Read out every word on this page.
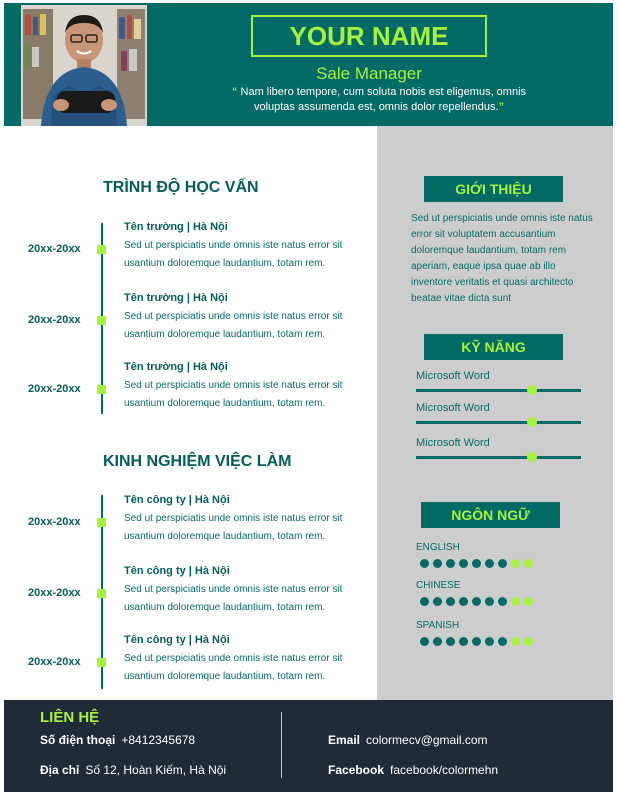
YOUR NAME
Sale Manager
“ Nam libero tempore, cum soluta nobis est eligemus, omnis voluptas assumenda est, omnis dolor repellendus.”
TRÌNH ĐỘ HỌC VẤN
20xx-20xx
Tên trường | Hà Nội
Sed ut perspiciatis unde omnis iste natus error sit usantium doloremque laudantium, totam rem.
20xx-20xx
Tên trường | Hà Nội
Sed ut perspiciatis unde omnis iste natus error sit usantium doloremque laudantium, totam rem.
20xx-20xx
Tên trường | Hà Nội
Sed ut perspiciatis unde omnis iste natus error sit usantium doloremque laudantium, totam rem.
KINH NGHIỆM VIỆC LÀM
20xx-20xx
Tên công ty | Hà Nội
Sed ut perspiciatis unde omnis iste natus error sit usantium doloremque laudantium, totam rem.
20xx-20xx
Tên công ty | Hà Nội
Sed ut perspiciatis unde omnis iste natus error sit usantium doloremque laudantium, totam rem.
20xx-20xx
Tên công ty | Hà Nội
Sed ut perspiciatis unde omnis iste natus error sit usantium doloremque laudantium, totam rem.
GIỚI THIỆU
Sed ut perspiciatis unde omnis iste natus error sit voluptatem accusantium doloremque laudantium, totam rem aperiam, eaque ipsa quae ab illo inventore veritatis et quasi architecto beatae vitae dicta sunt
KỸ NĂNG
Microsoft Word
Microsoft Word
Microsoft Word
NGÔN NGỮ
ENGLISH
CHINESE
SPANISH
LIÊN HỆ
Số điện thoại +8412345678
Địa chỉ Số 12, Hoàn Kiếm, Hà Nội
Email colormecv@gmail.com
Facebook facebook/colormehn
